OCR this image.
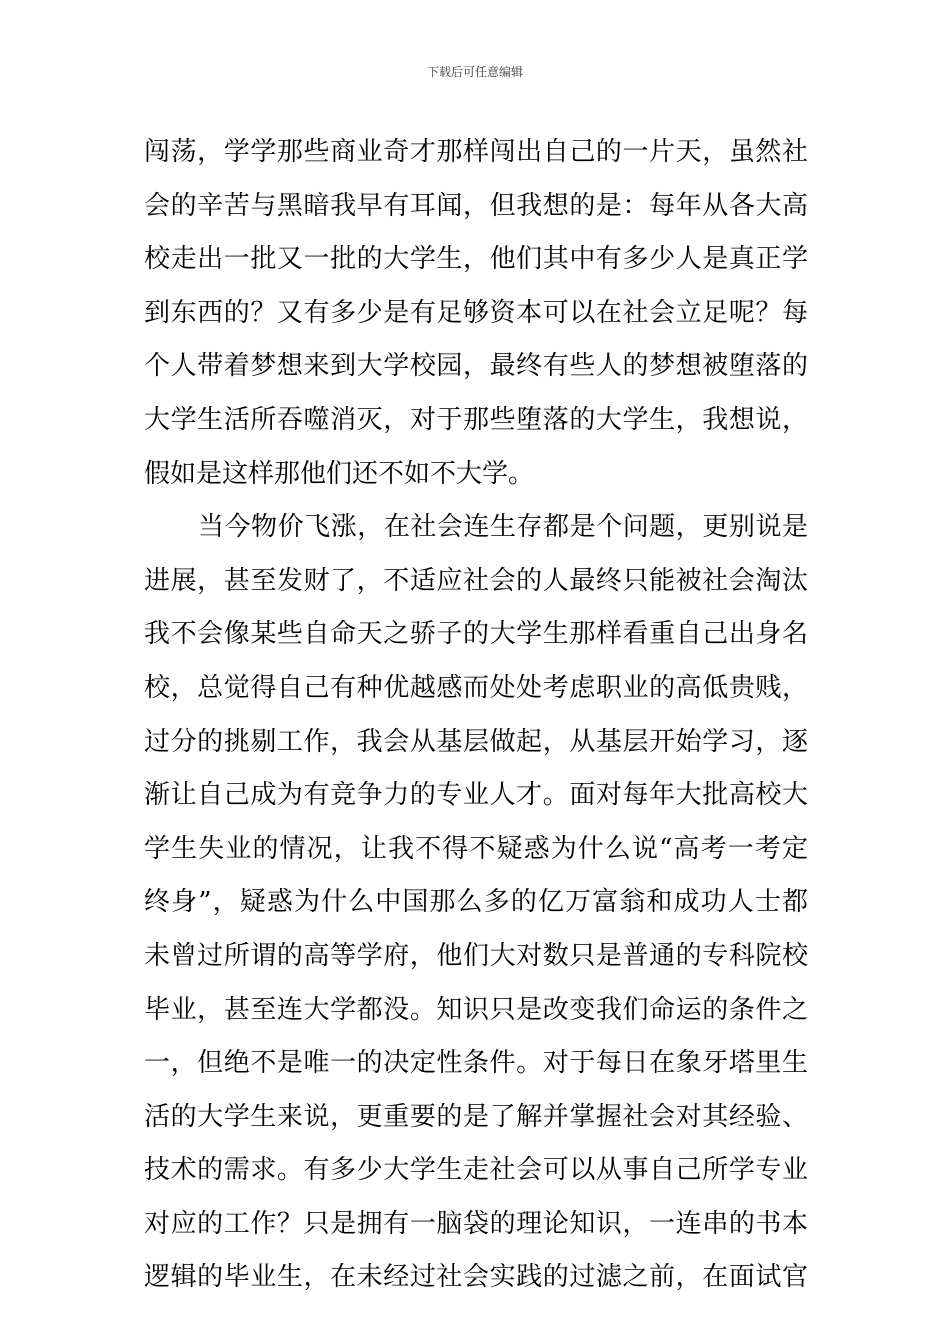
下载后可任意编辑
闯荡，学学那些商业奇才那样闯出自己的一片天，虽然社
会的辛苦与黑暗我早有耳闻，但我想的是：每年从各大高
校走出一批又一批的大学生，他们其中有多少人是真正学
到东西的？又有多少是有足够资本可以在社会立足呢？每
个人带着梦想来到大学校园，最终有些人的梦想被堕落的
大学生活所吞噬消灭，对于那些堕落的大学生，我想说，
假如是这样那他们还不如不大学。
当今物价飞涨，在社会连生存都是个问题，更别说是
进展，甚至发财了，不适应社会的人最终只能被社会淘汰
我不会像某些自命天之骄子的大学生那样看重自己出身名
校，总觉得自己有种优越感而处处考虑职业的高低贵贱，
过分的挑剔工作，我会从基层做起，从基层开始学习，逐
渐让自己成为有竞争力的专业人才。面对每年大批高校大
学生失业的情况，让我不得不疑惑为什么说“高考一考定
终身”，疑惑为什么中国那么多的亿万富翁和成功人士都
未曾过所谓的高等学府，他们大对数只是普通的专科院校
毕业，甚至连大学都没。知识只是改变我们命运的条件之
一，但绝不是唯一的决定性条件。对于每日在象牙塔里生
活的大学生来说，更重要的是了解并掌握社会对其经验、
技术的需求。有多少大学生走社会可以从事自己所学专业
对应的工作？只是拥有一脑袋的理论知识，一连串的书本
逻辑的毕业生，在未经过社会实践的过滤之前，在面试官
